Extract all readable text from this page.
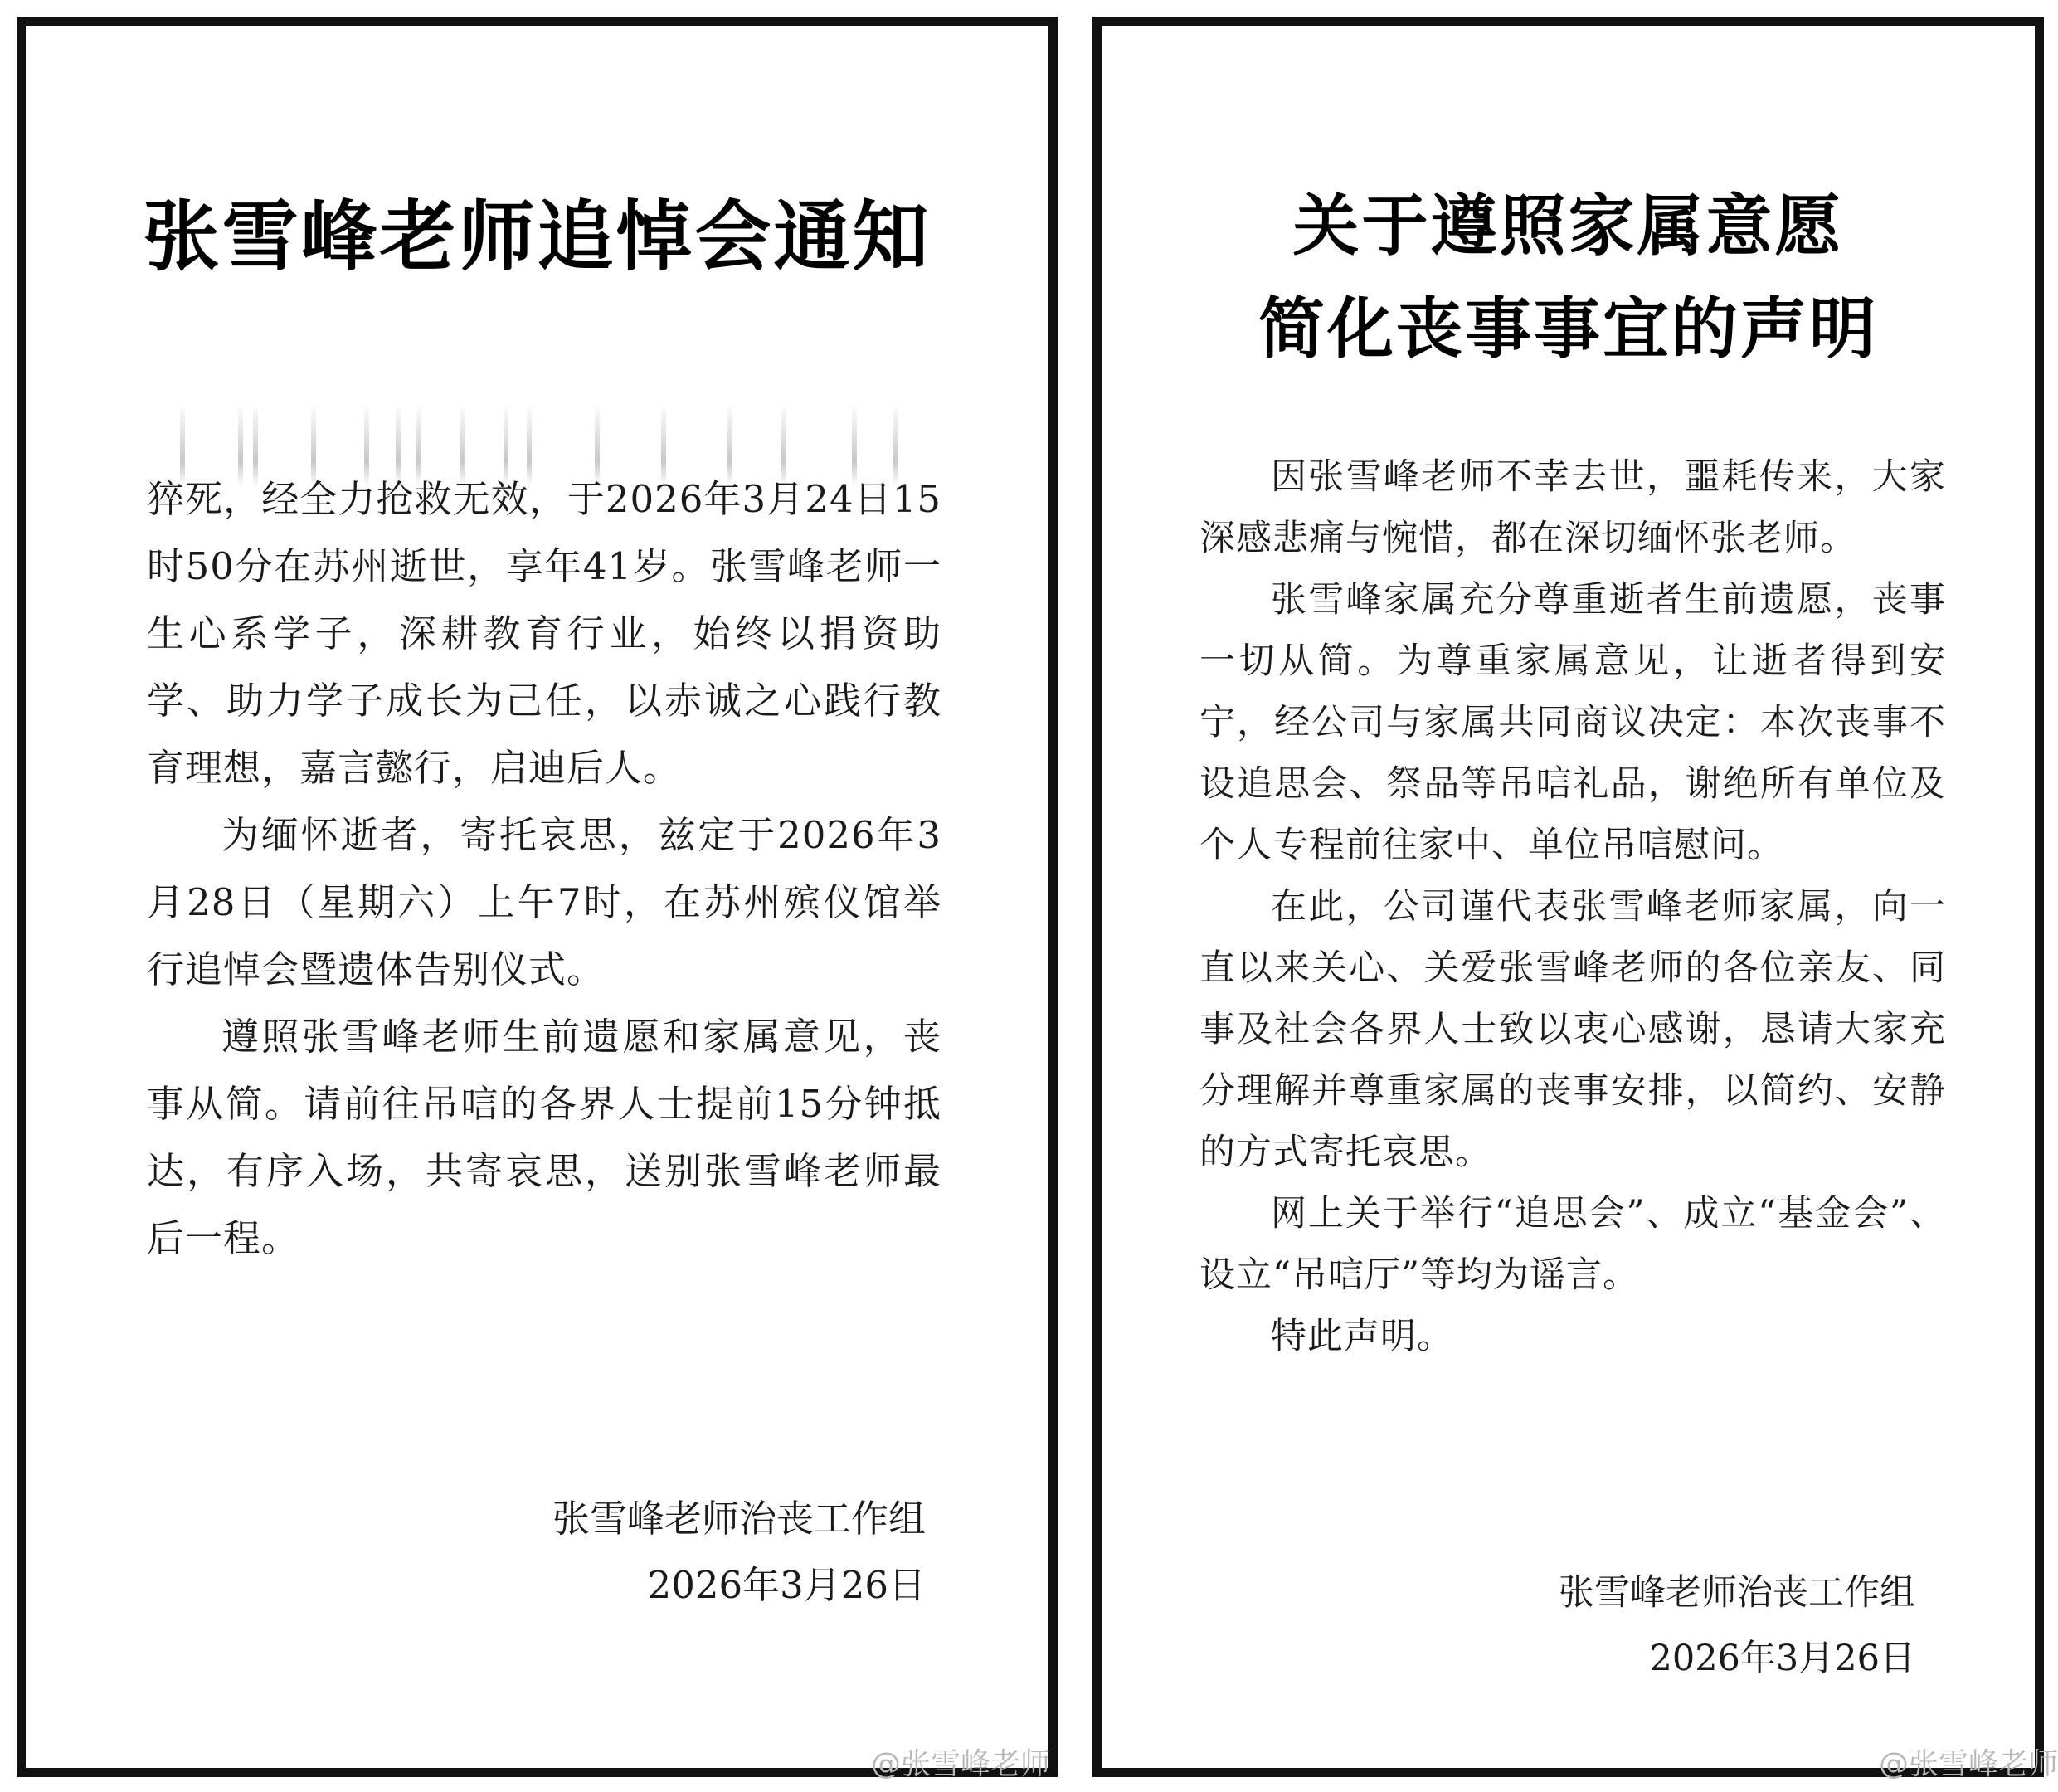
张雪峰老师追悼会通知

猝死，经全力抢救无效，于2026年3月24日15时50分在苏州逝世，享年41岁。张雪峰老师一生心系学子，深耕教育行业，始终以捐资助学、助力学子成长为己任，以赤诚之心践行教育理想，嘉言懿行，启迪后人。

为缅怀逝者，寄托哀思，兹定于2026年3月28日（星期六）上午7时，在苏州殡仪馆举行追悼会暨遗体告别仪式。

遵照张雪峰老师生前遗愿和家属意见，丧事从简。请前往吊唁的各界人士提前15分钟抵达，有序入场，共寄哀思，送别张雪峰老师最后一程。

张雪峰老师治丧工作组
2026年3月26日
关于遵照家属意愿
简化丧事事宜的声明

因张雪峰老师不幸去世，噩耗传来，大家深感悲痛与惋惜，都在深切缅怀张老师。

张雪峰家属充分尊重逝者生前遗愿，丧事一切从简。为尊重家属意见，让逝者得到安宁，经公司与家属共同商议决定：本次丧事不设追思会、祭品等吊唁礼品，谢绝所有单位及个人专程前往家中、单位吊唁慰问。

在此，公司谨代表张雪峰老师家属，向一直以来关心、关爱张雪峰老师的各位亲友、同事及社会各界人士致以衷心感谢，恳请大家充分理解并尊重家属的丧事安排，以简约、安静的方式寄托哀思。

网上关于举行“追思会”、成立“基金会”、设立“吊唁厅”等均为谣言。

特此声明。

张雪峰老师治丧工作组
2026年3月26日
@张雪峰老师	@张雪峰老师
